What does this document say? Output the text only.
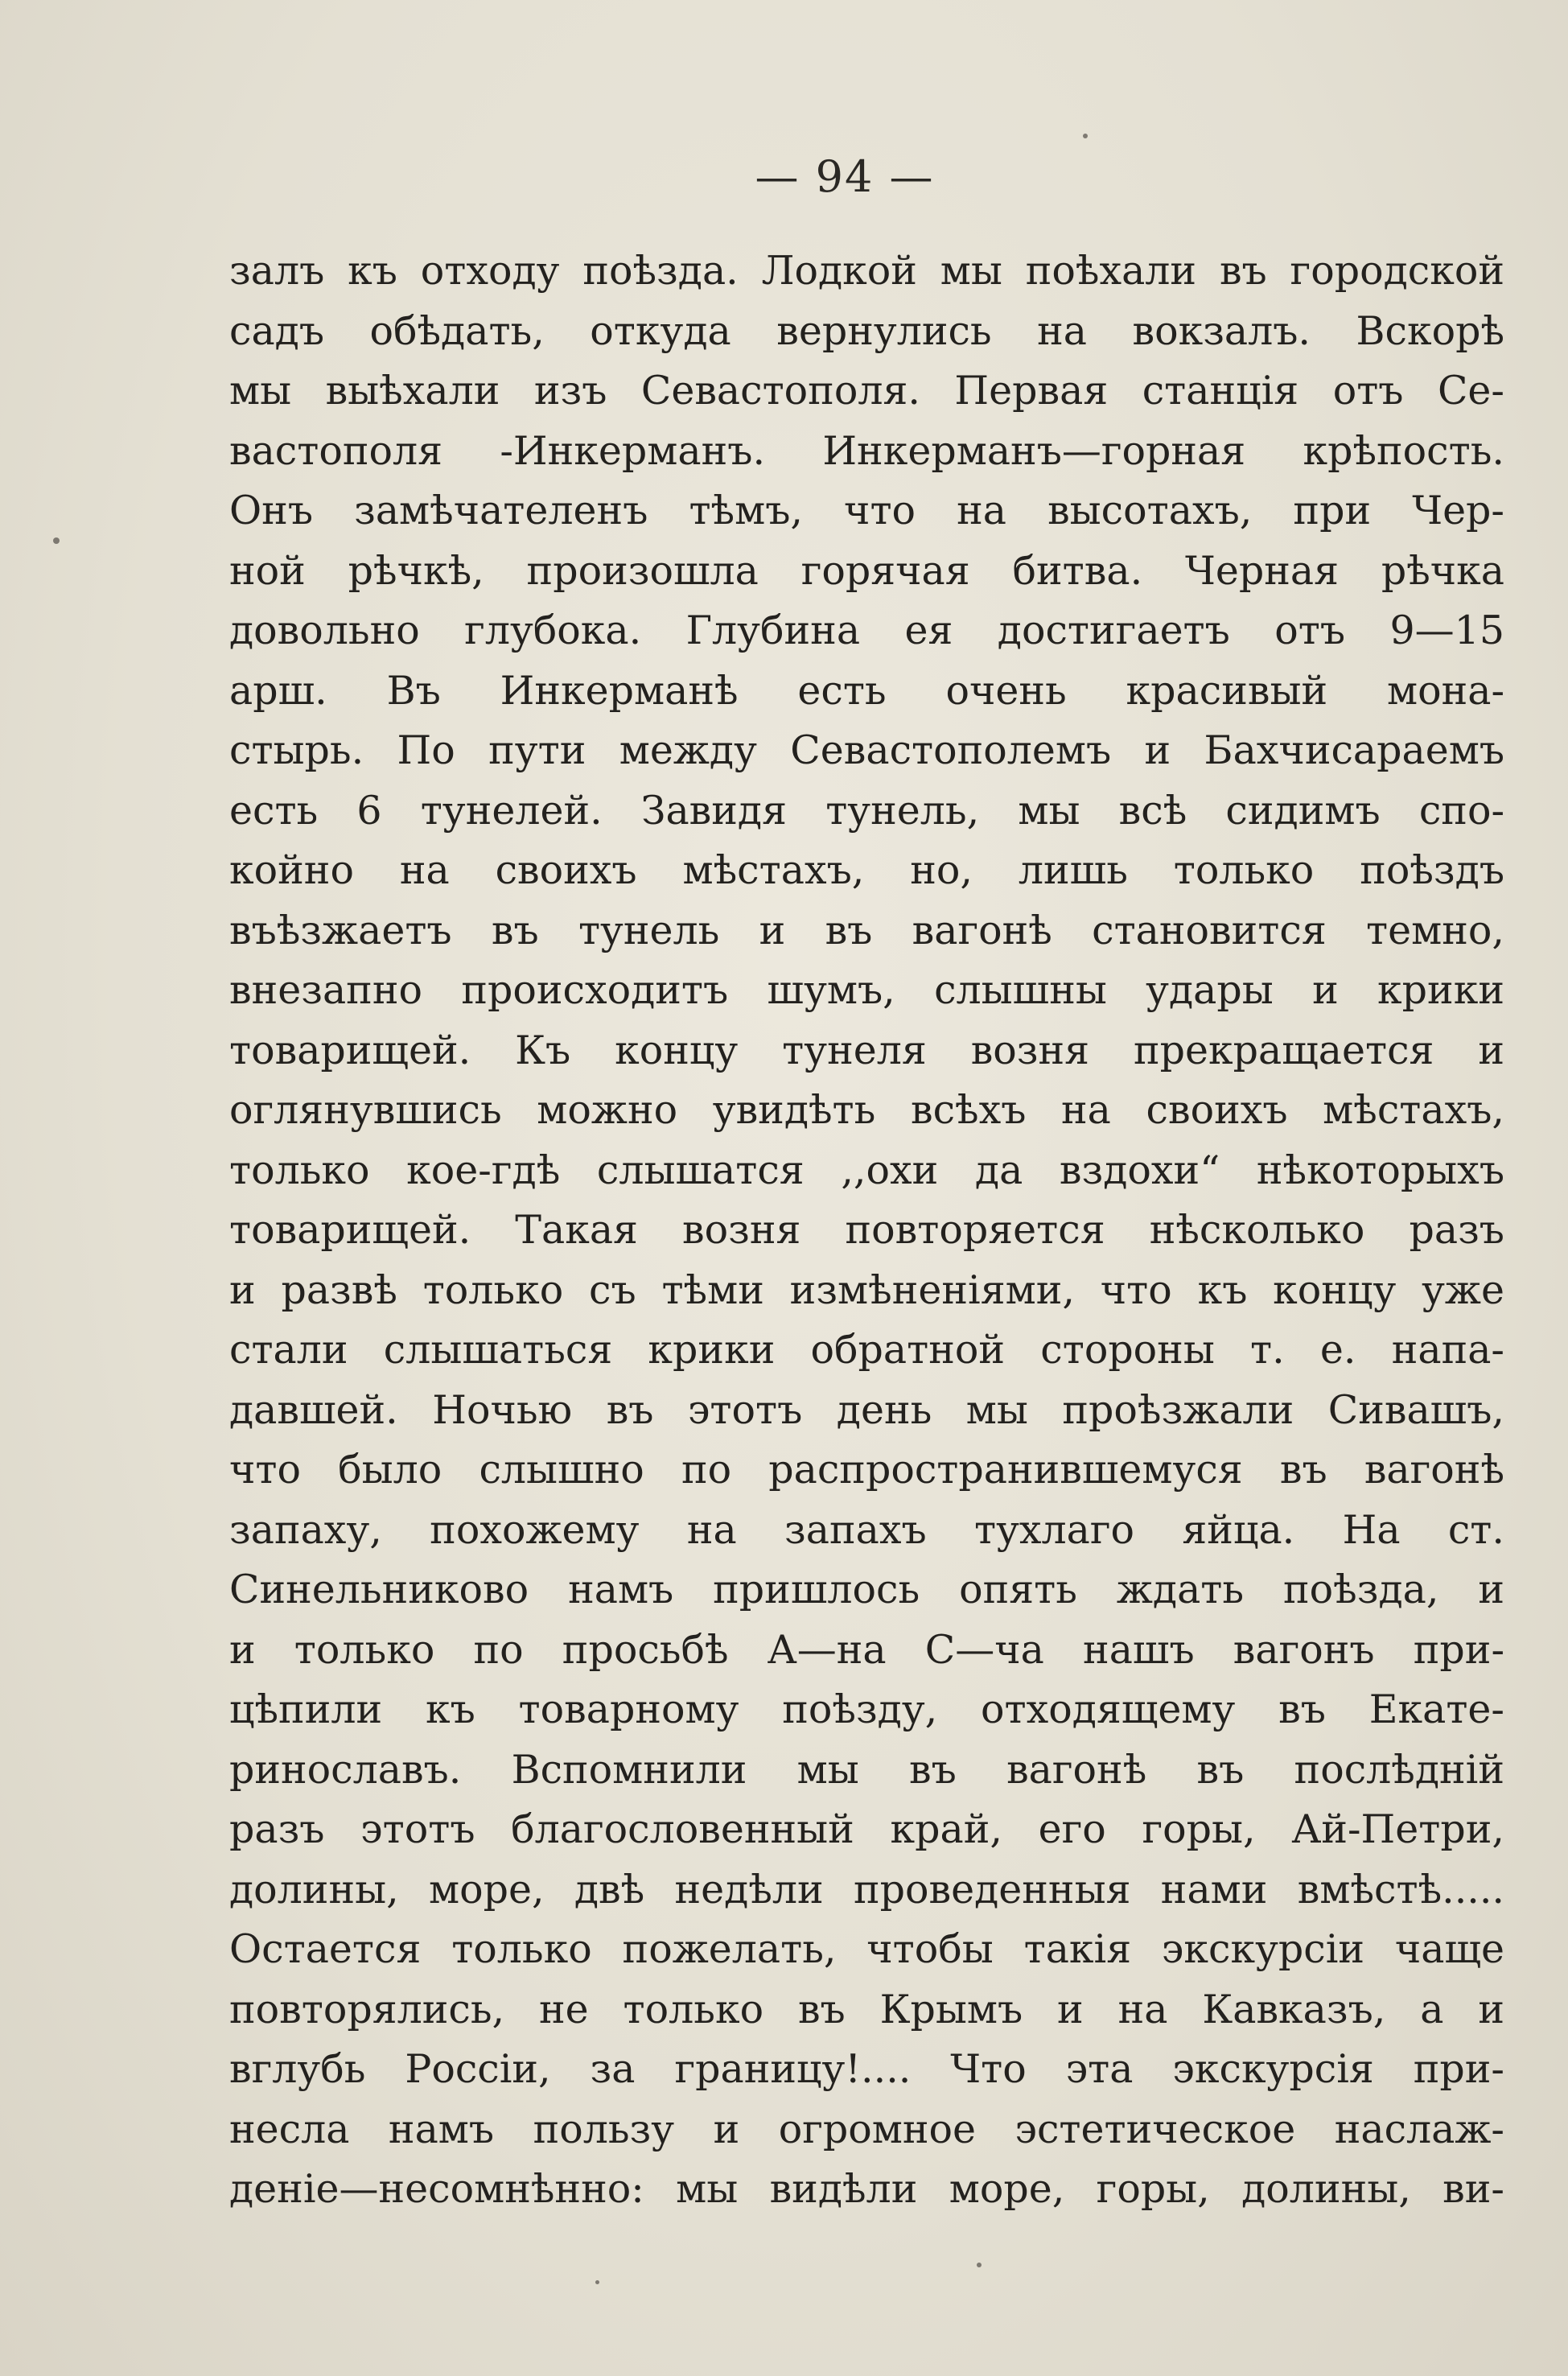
— 94 —
залъ къ отходу поѣзда. Лодкой мы поѣхали въ городской
садъ обѣдать, откуда вернулись на вокзалъ. Вскорѣ
мы выѣхали изъ Севастополя. Первая станція отъ Се-
вастополя -Инкерманъ. Инкерманъ—горная крѣпость.
Онъ замѣчателенъ тѣмъ, что на высотахъ, при Чер-
ной рѣчкѣ, произошла горячая битва. Черная рѣчка
довольно глубока. Глубина ея достигаетъ отъ 9—15
арш. Въ Инкерманѣ есть очень красивый мона-
стырь. По пути между Севастополемъ и Бахчисараемъ
есть 6 тунелей. Завидя тунель, мы всѣ сидимъ спо-
койно на своихъ мѣстахъ, но, лишь только поѣздъ
въѣзжаетъ въ тунель и въ вагонѣ становится темно,
внезапно происходитъ шумъ, слышны удары и крики
товарищей. Къ концу тунеля возня прекращается и
оглянувшись можно увидѣть всѣхъ на своихъ мѣстахъ,
только кое-гдѣ слышатся ,,охи да вздохи“ нѣкоторыхъ
товарищей. Такая возня повторяется нѣсколько разъ
и развѣ только съ тѣми измѣненіями, что къ концу уже
стали слышаться крики обратной стороны т. е. напа-
давшей. Ночью въ этотъ день мы проѣзжали Сивашъ,
что было слышно по распространившемуся въ вагонѣ
запаху, похожему на запахъ тухлаго яйца. На ст.
Синельниково намъ пришлось опять ждать поѣзда, и
и только по просьбѣ А—на С—ча нашъ вагонъ при-
цѣпили къ товарному поѣзду, отходящему въ Екате-
ринославъ. Вспомнили мы въ вагонѣ въ послѣдній
разъ этотъ благословенный край, его горы, Ай-Петри,
долины, море, двѣ недѣли проведенныя нами вмѣстѣ.....
Остается только пожелать, чтобы такія экскурсіи чаще
повторялись, не только въ Крымъ и на Кавказъ, а и
вглубь Россіи, за границу!.... Что эта экскурсія при-
несла намъ пользу и огромное эстетическое наслаж-
деніе—несомнѣнно: мы видѣли море, горы, долины, ви-
